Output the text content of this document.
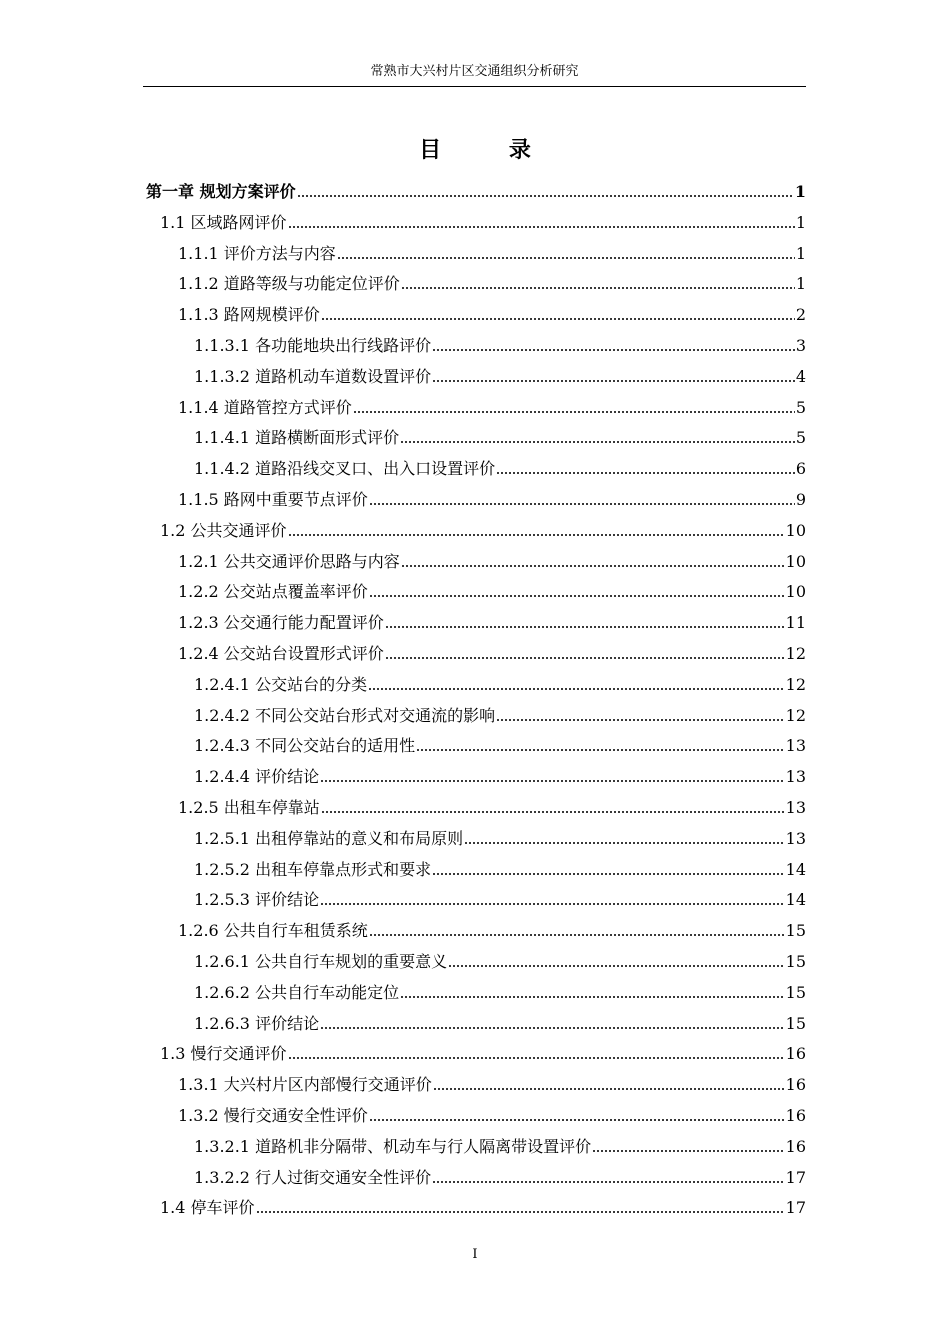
常熟市大兴村片区交通组织分析研究
目 录
第一章 规划方案评价	1
1.1 区域路网评价	1
1.1.1 评价方法与内容	1
1.1.2 道路等级与功能定位评价	1
1.1.3 路网规模评价	2
1.1.3.1 各功能地块出行线路评价	3
1.1.3.2 道路机动车道数设置评价	4
1.1.4 道路管控方式评价	5
1.1.4.1 道路横断面形式评价	5
1.1.4.2 道路沿线交叉口、出入口设置评价	6
1.1.5 路网中重要节点评价	9
1.2 公共交通评价	10
1.2.1 公共交通评价思路与内容	10
1.2.2 公交站点覆盖率评价	10
1.2.3 公交通行能力配置评价	11
1.2.4 公交站台设置形式评价	12
1.2.4.1 公交站台的分类	12
1.2.4.2 不同公交站台形式对交通流的影响	12
1.2.4.3 不同公交站台的适用性	13
1.2.4.4 评价结论	13
1.2.5 出租车停靠站	13
1.2.5.1 出租停靠站的意义和布局原则	13
1.2.5.2 出租车停靠点形式和要求	14
1.2.5.3 评价结论	14
1.2.6 公共自行车租赁系统	15
1.2.6.1 公共自行车规划的重要意义	15
1.2.6.2 公共自行车动能定位	15
1.2.6.3 评价结论	15
1.3 慢行交通评价	16
1.3.1 大兴村片区内部慢行交通评价	16
1.3.2 慢行交通安全性评价	16
1.3.2.1 道路机非分隔带、机动车与行人隔离带设置评价	16
1.3.2.2 行人过街交通安全性评价	17
1.4 停车评价	17
I
